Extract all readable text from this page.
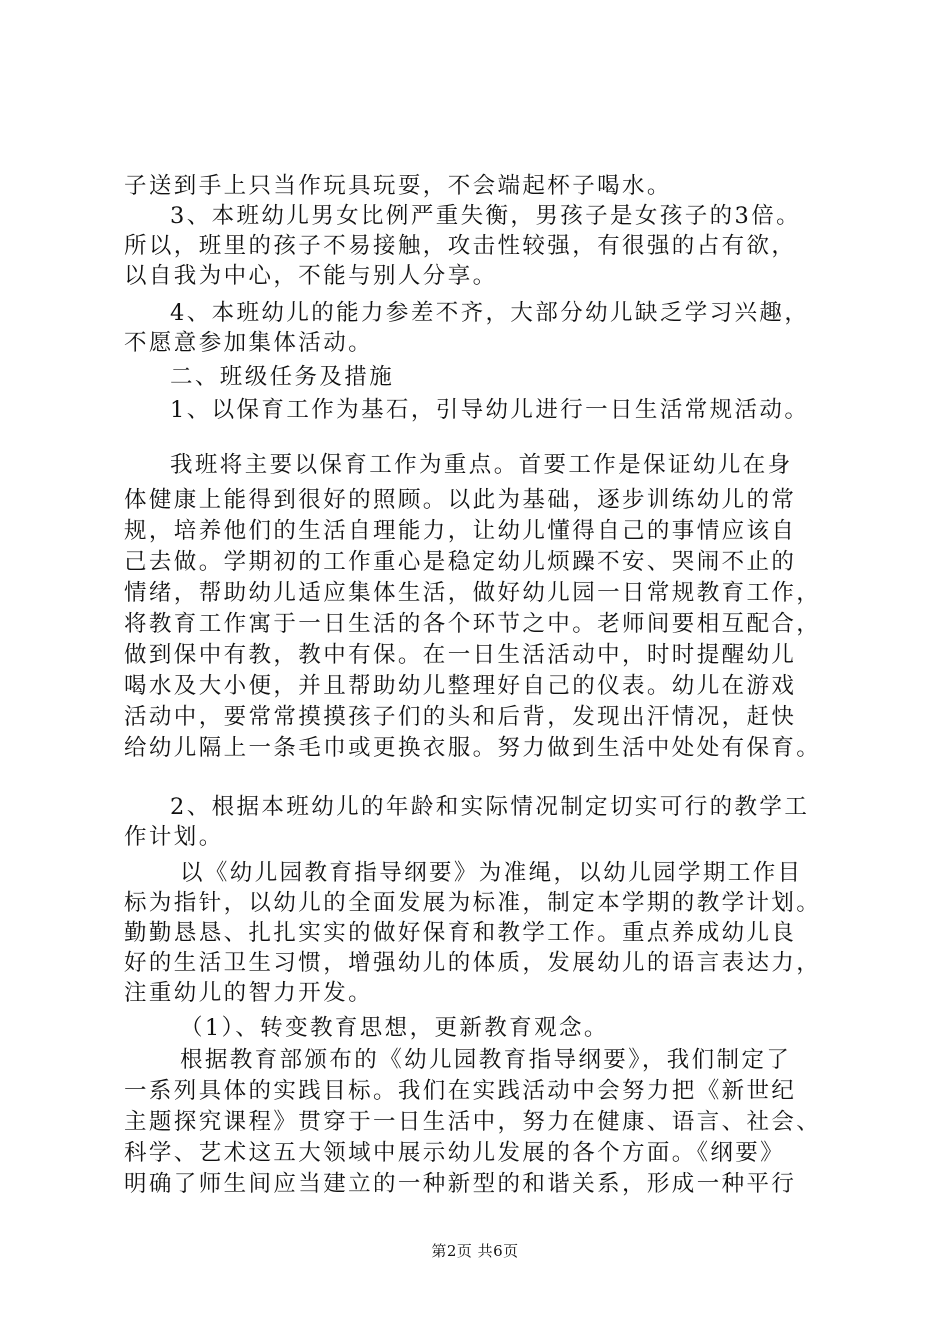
子送到手上只当作玩具玩耍，不会端起杯子喝水。
3、本班幼儿男女比例严重失衡，男孩子是女孩子的3倍。
所以，班里的孩子不易接触，攻击性较强，有很强的占有欲，
以自我为中心，不能与别人分享。
4、本班幼儿的能力参差不齐，大部分幼儿缺乏学习兴趣，
不愿意参加集体活动。
二、班级任务及措施
1、以保育工作为基石，引导幼儿进行一日生活常规活动。
我班将主要以保育工作为重点。首要工作是保证幼儿在身
体健康上能得到很好的照顾。以此为基础，逐步训练幼儿的常
规，培养他们的生活自理能力，让幼儿懂得自己的事情应该自
己去做。学期初的工作重心是稳定幼儿烦躁不安、哭闹不止的
情绪，帮助幼儿适应集体生活，做好幼儿园一日常规教育工作，
将教育工作寓于一日生活的各个环节之中。老师间要相互配合，
做到保中有教，教中有保。在一日生活活动中，时时提醒幼儿
喝水及大小便，并且帮助幼儿整理好自己的仪表。幼儿在游戏
活动中，要常常摸摸孩子们的头和后背，发现出汗情况，赶快
给幼儿隔上一条毛巾或更换衣服。努力做到生活中处处有保育。
2、根据本班幼儿的年龄和实际情况制定切实可行的教学工
作计划。
以《幼儿园教育指导纲要》为准绳，以幼儿园学期工作目
标为指针，以幼儿的全面发展为标准，制定本学期的教学计划。
勤勤恳恳、扎扎实实的做好保育和教学工作。重点养成幼儿良
好的生活卫生习惯，增强幼儿的体质，发展幼儿的语言表达力，
注重幼儿的智力开发。
（1）、转变教育思想，更新教育观念。
根据教育部颁布的《幼儿园教育指导纲要》，我们制定了
一系列具体的实践目标。我们在实践活动中会努力把《新世纪
主题探究课程》贯穿于一日生活中，努力在健康、语言、社会、
科学、艺术这五大领域中展示幼儿发展的各个方面。《纲要》
明确了师生间应当建立的一种新型的和谐关系，形成一种平行
第2页 共6页
